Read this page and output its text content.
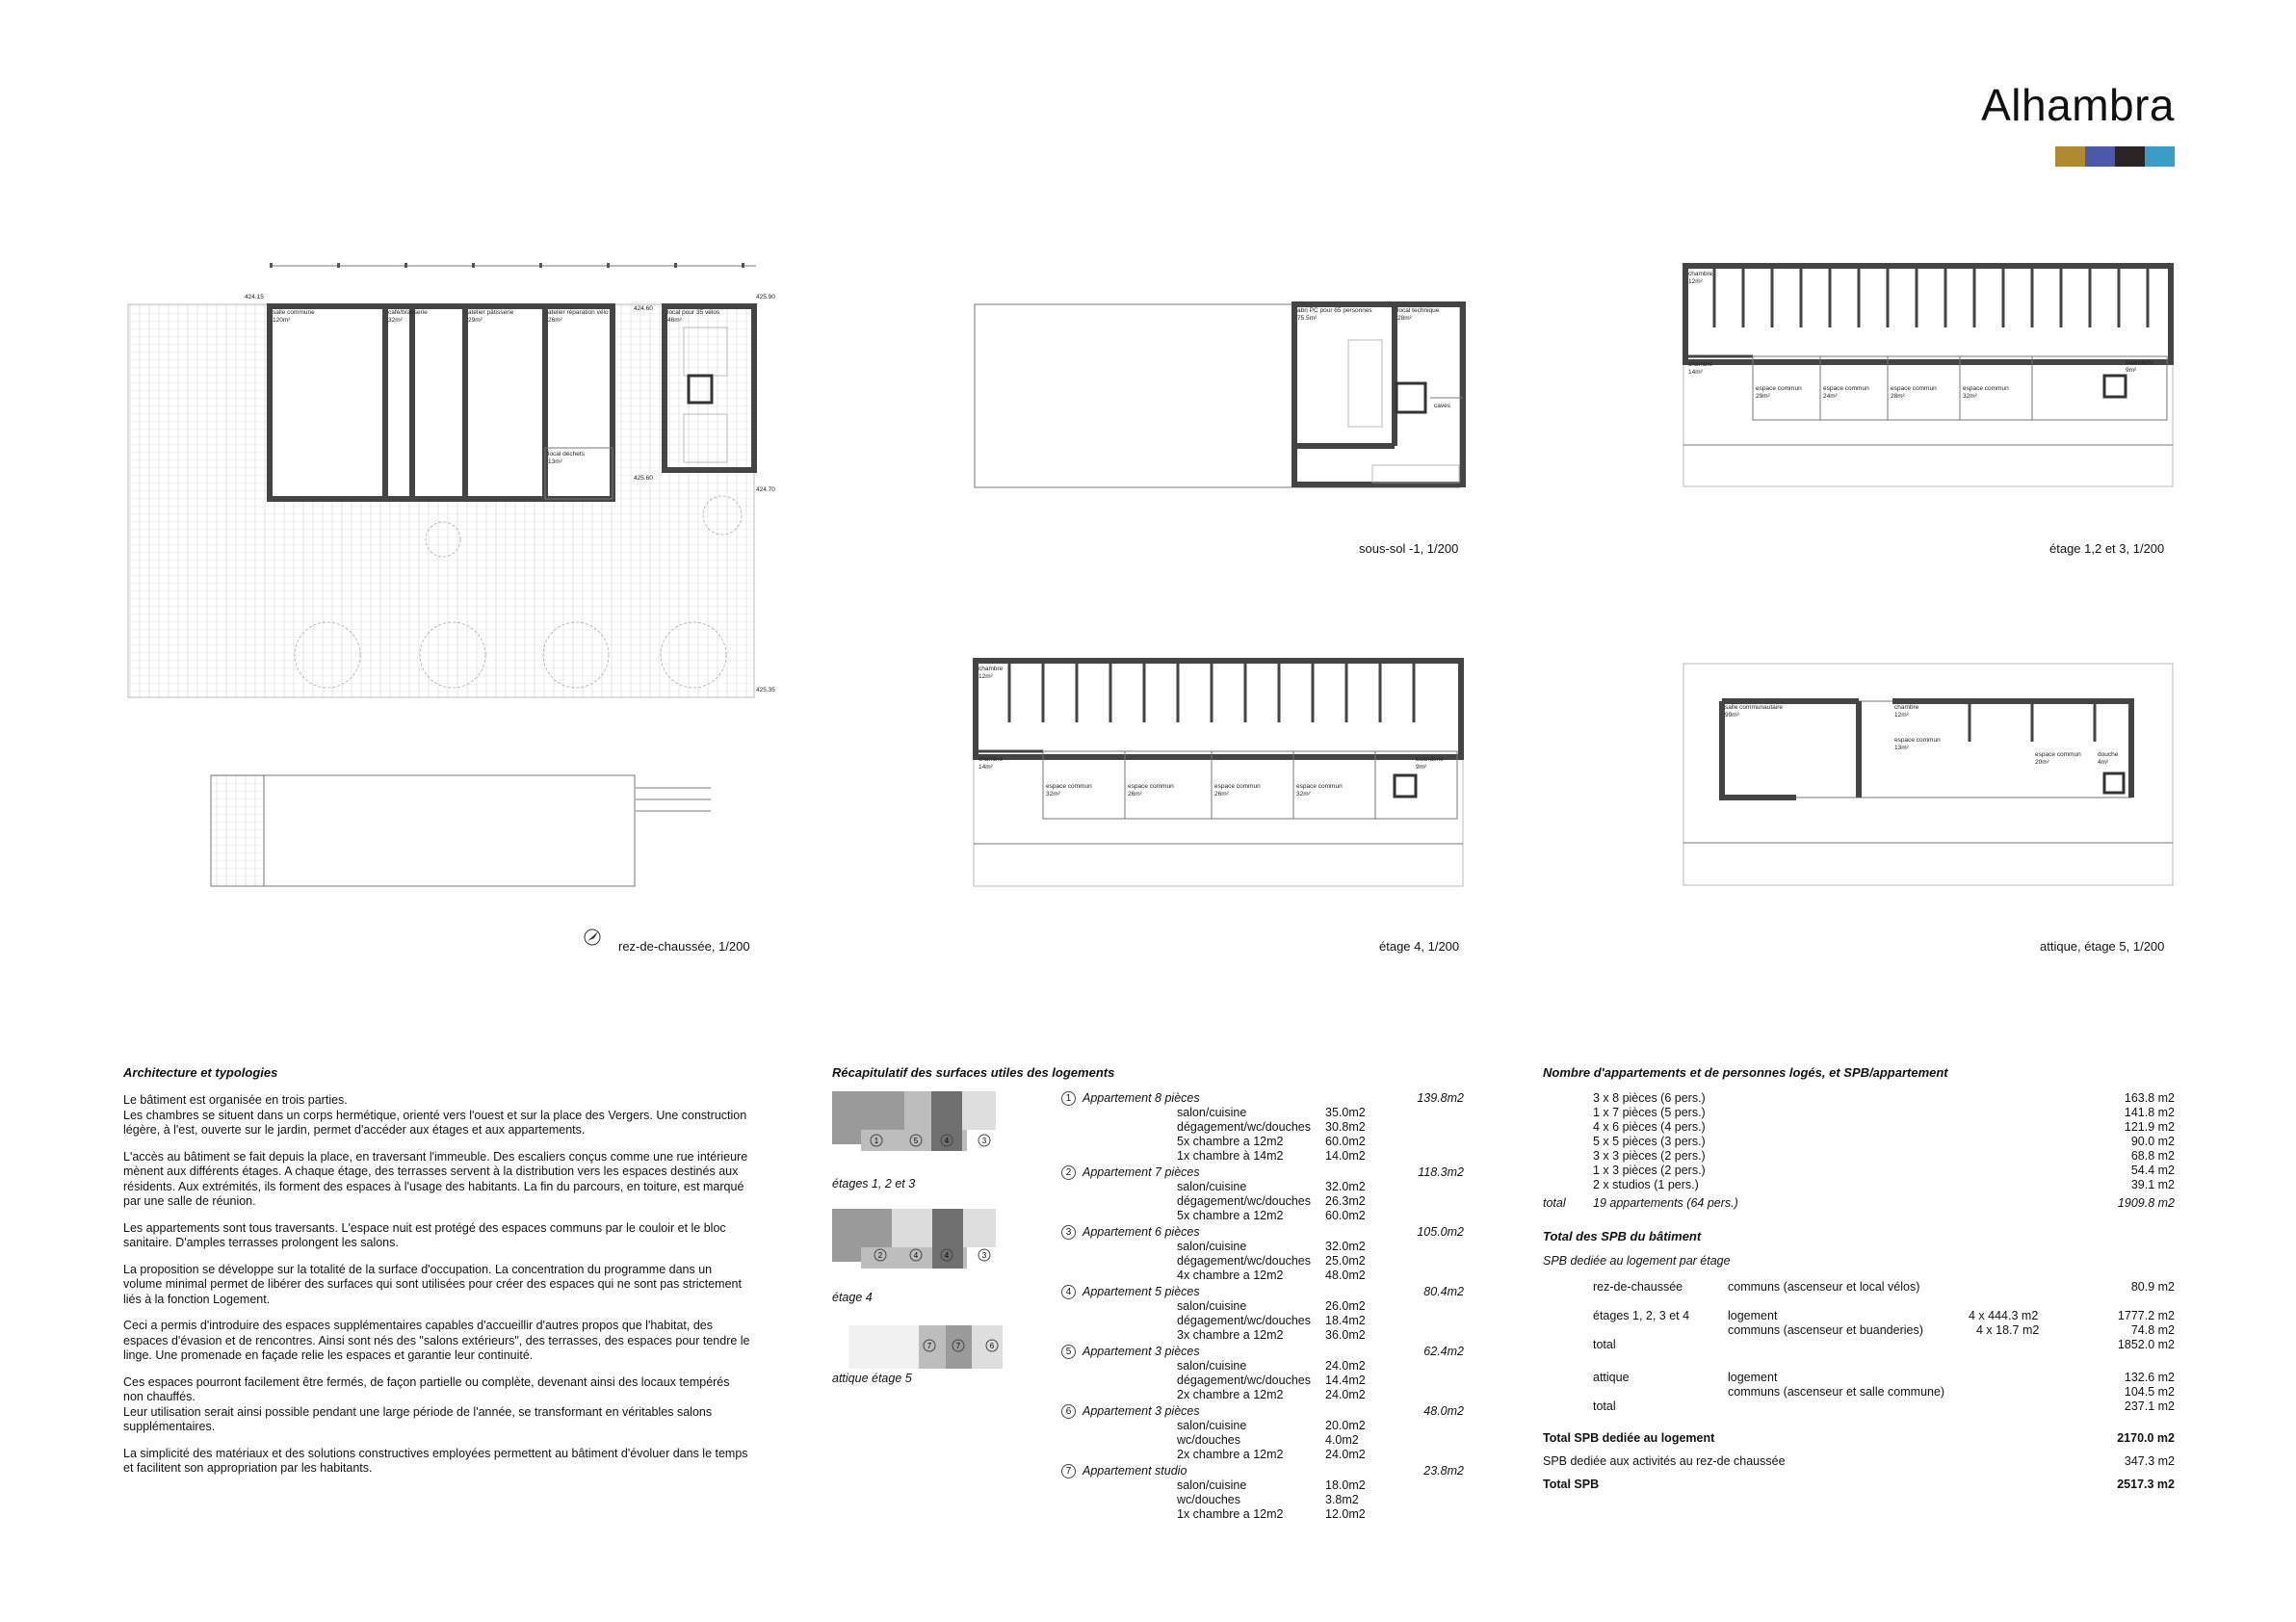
Alhambra
424.15	425.90
424.60
425.60
424.70
425.35
salle commune
120m²
café/brasserie
32m²
atelier pâtisserie
29m²
atelier réparation vélo
26m²
local pour 35 vélos
46m²
local déchets
13m²
rez-de-chaussée, 1/200
abri PC pour 65 personnes
75.5m²
local technique
28m²
caves
sous-sol -1, 1/200
chambre
12m²
chambre
14m²
espace commun
29m²
espace commun
24m²
espace commun
28m²
espace commun
32m²
buanderie
9m²
étage 1,2 et 3, 1/200
chambre
12m²
chambre
14m²
espace commun
32m²
espace commun
26m²
espace commun
26m²
espace commun
32m²
buanderie
9m²
étage 4, 1/200
salle communautaire
99m²
chambre
12m²
espace commun
13m²
espace commun
20m²
douche
4m²
attique, étage 5, 1/200
Architecture et typologies

Le bâtiment est organisée en trois parties.
Les chambres se situent dans un corps hermétique, orienté vers l'ouest et sur la place des Vergers. Une construction légère, à l'est, ouverte sur le jardin, permet d'accéder aux étages et aux appartements.

L'accès au bâtiment se fait depuis la place, en traversant l'immeuble. Des escaliers conçus comme une rue intérieure mènent aux différents étages. A chaque étage, des terrasses servent à la distribution vers les espaces destinés aux résidents. Aux extrémités, ils forment des espaces à l'usage des habitants. La fin du parcours, en toiture, est marqué par une salle de réunion.

Les appartements sont tous traversants. L'espace nuit est protégé des espaces communs par le couloir et le bloc sanitaire. D'amples terrasses prolongent les salons.

La proposition se développe sur la totalité de la surface d'occupation. La concentration du programme dans un volume minimal permet de libérer des surfaces qui sont utilisées pour créer des espaces qui ne sont pas strictement liés à la fonction Logement.

Ceci a permis d'introduire des espaces supplémentaires capables d'accueillir d'autres propos que l'habitat, des espaces d'évasion et de rencontres. Ainsi sont nés des "salons extérieurs", des terrasses, des espaces pour tendre le linge. Une promenade en façade relie les espaces et garantie leur continuité.

Ces espaces pourront facilement être fermés, de façon partielle ou complète, devenant ainsi des locaux tempérés non chauffés.
Leur utilisation serait ainsi possible pendant une large période de l'année, se transformant en véritables salons supplémentaires.

La simplicité des matériaux et des solutions constructives employées permettent au bâtiment d'évoluer dans le temps et facilitent son appropriation par les habitants.

Récapitulatif des surfaces utiles des logements
1	5	4	3
2	4	4	3
7	7	6
étages 1, 2 et 3
étage 4
attique étage 5
1 Appartement 8 pièces	139.8m2
salon/cuisine	35.0m2
dégagement/wc/douches 30.8m2
5x chambre a 12m2	60.0m2
1x chambre à 14m2	14.0m2
2 Appartement 7 pièces	118.3m2
salon/cuisine	32.0m2
dégagement/wc/douches 26.3m2
5x chambre a 12m2	60.0m2
3 Appartement 6 pièces	105.0m2
salon/cuisine	32.0m2
dégagement/wc/douches 25.0m2
4x chambre a 12m2	48.0m2
4 Appartement 5 pièces	80.4m2
salon/cuisine	26.0m2
dégagement/wc/douches 18.4m2
3x chambre a 12m2	36.0m2
5 Appartement 3 pièces	62.4m2
salon/cuisine	24.0m2
dégagement/wc/douches 14.4m2
2x chambre a 12m2	24.0m2
6 Appartement 3 pièces	48.0m2
salon/cuisine	20.0m2
wc/douches	4.0m2
2x chambre a 12m2	24.0m2
7 Appartement studio	23.8m2
salon/cuisine	18.0m2
wc/douches	3.8m2
1x chambre a 12m2	12.0m2
Nombre d'appartements et de personnes logés, et SPB/appartement
3 x 8 pièces (6 pers.)	163.8 m2
1 x 7 pièces (5 pers.)	141.8 m2
4 x 6 pièces (4 pers.)	121.9 m2
5 x 5 pièces (3 pers.)	90.0 m2
3 x 3 pièces (2 pers.)	68.8 m2
1 x 3 pièces (2 pers.)	54.4 m2
2 x studios (1 pers.)	39.1 m2
total 19 appartements (64 pers.)	1909.8 m2
Total des SPB du bâtiment
SPB dediée au logement par étage
rez-de-chaussée	communs (ascenseur et local vélos)	80.9 m2
étages 1, 2, 3 et 4	logement	4 x 444.3 m2	1777.2 m2
communs (ascenseur et buanderies)	4 x 18.7 m2	74.8 m2
total	1852.0 m2
attique	logement	132.6 m2
communs (ascenseur et salle commune)	104.5 m2
total	237.1 m2
Total SPB dediée au logement	2170.0 m2
SPB dediée aux activités au rez-de chaussée	347.3 m2
Total SPB	2517.3 m2
